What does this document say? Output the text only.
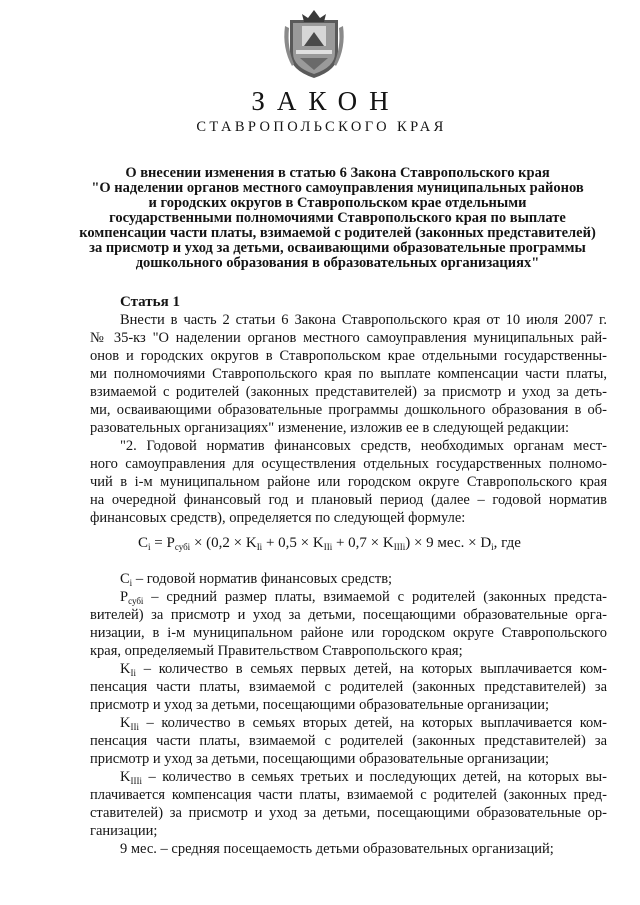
ЗАКОН
СТАВРОПОЛЬСКОГО КРАЯ
О внесении изменения в статью 6 Закона Ставропольского края
"О наделении органов местного самоуправления муниципальных районов
и городских округов в Ставропольском крае отдельными
государственными полномочиями Ставропольского края по выплате
компенсации части платы, взимаемой с родителей (законных представителей)
за присмотр и уход за детьми, осваивающими образовательные программы
дошкольного образования в образовательных организациях"
Статья 1
Внести в часть 2 статьи 6 Закона Ставропольского края от 10 июля 2007 г.
№ 35-кз "О наделении органов местного самоуправления муниципальных рай-
онов и городских округов в Ставропольском крае отдельными государственны-
ми полномочиями Ставропольского края по выплате компенсации части платы,
взимаемой с родителей (законных представителей) за присмотр и уход за деть-
ми, осваивающими образовательные программы дошкольного образования в об-
разовательных организациях" изменение, изложив ее в следующей редакции:
"2. Годовой норматив финансовых средств, необходимых органам мест-
ного самоуправления для осуществления отдельных государственных полномо-
чий в i-м муниципальном районе или городском округе Ставропольского края
на очередной финансовый год и плановый период (далее – годовой норматив
финансовых средств), определяется по следующей формуле:
$C_i = P_{субi} \times (0,2 \times K_{Ii} + 0,5 \times K_{IIi} + 0,7 \times K_{IIIi}) \times 9$ мес. × $D_i$, где
$C_i$ – годовой норматив финансовых средств;
$P_{субi}$ – средний размер платы, взимаемой с родителей (законных предста-
вителей) за присмотр и уход за детьми, посещающими образовательные орга-
низации, в i-м муниципальном районе или городском округе Ставропольского
края, определяемый Правительством Ставропольского края;
$K_{Ii}$ – количество в семьях первых детей, на которых выплачивается ком-
пенсация части платы, взимаемой с родителей (законных представителей) за
присмотр и уход за детьми, посещающими образовательные организации;
$K_{IIi}$ – количество в семьях вторых детей, на которых выплачивается ком-
пенсация части платы, взимаемой с родителей (законных представителей) за
присмотр и уход за детьми, посещающими образовательные организации;
$K_{IIIi}$ – количество в семьях третьих и последующих детей, на которых вы-
плачивается компенсация части платы, взимаемой с родителей (законных пред-
ставителей) за присмотр и уход за детьми, посещающими образовательные ор-
ганизации;
9 мес. – средняя посещаемость детьми образовательных организаций;
